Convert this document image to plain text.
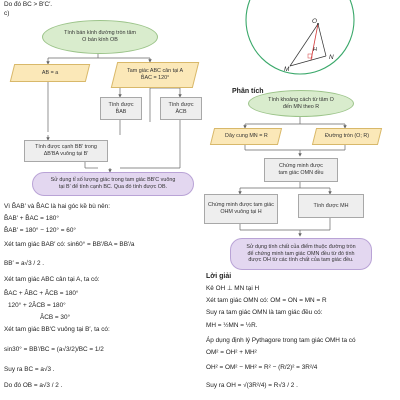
Do đó BC > B′C′.
c)
Tính bán kính đường tròn tâm
O bán kính OB
AB = a	Tam giác ABC cân tại A
B̂AC = 120°
Tính được
B̂AB
Tính được
ÂCB
Tính được cạnh BB′ trong
ΔB′BA vuông tại B′
Sử dụng tỉ số lượng giác trong tam giác BB′C vuông
tại B′ để tính cạnh BC. Qua đó tính được OB.
Vì B̂AB′ và B̂AC là hai góc kề bù nên:
B̂AB′ + B̂AC = 180°
B̂AB′ = 180° − 120° = 60°
Xét tam giác BAB′ có: sin60° = BB′/BA = BB′/a
BB′ = a√3 / 2 .
Xét tam giác ABC cân tại A, ta có:
B̂AC + ÂBC + ÂCB = 180°
120° + 2ÂCB = 180°
ÂCB = 30°
Xét tam giác BB′C vuông tại B′, ta có:
sin30° = BB′/BC = (a√3/2)/BC = 1/2
Suy ra BC = a√3 .
Do đó OB = a√3 / 2 .
O
H
M
N
Phân tích
Tính khoảng cách từ tâm O
đến MN theo R
Dây cung MN = R	Đường tròn (O; R)
Chứng minh được
tam giác OMN đều
Chứng minh được tam giác
OHM vuông tại H
Tính được MH
Sử dụng tính chất của điểm thuộc đường tròn
để chứng minh tam giác OMN đều từ đó tính
được OH từ các tính chất của tam giác đều.
Lời giải
Kẻ OH ⊥ MN tại H
Xét tam giác OMN có: OM = ON = MN = R
Suy ra tam giác OMN là tam giác đều có:
MH = ½MN = ½R.
Áp dụng định lý Pythagore trong tam giác OMH ta có
OM² = OH² + MH²
OH² = OM² − MH² = R² − (R/2)² = 3R²/4
Suy ra OH = √(3R²/4) = R√3 / 2 .
